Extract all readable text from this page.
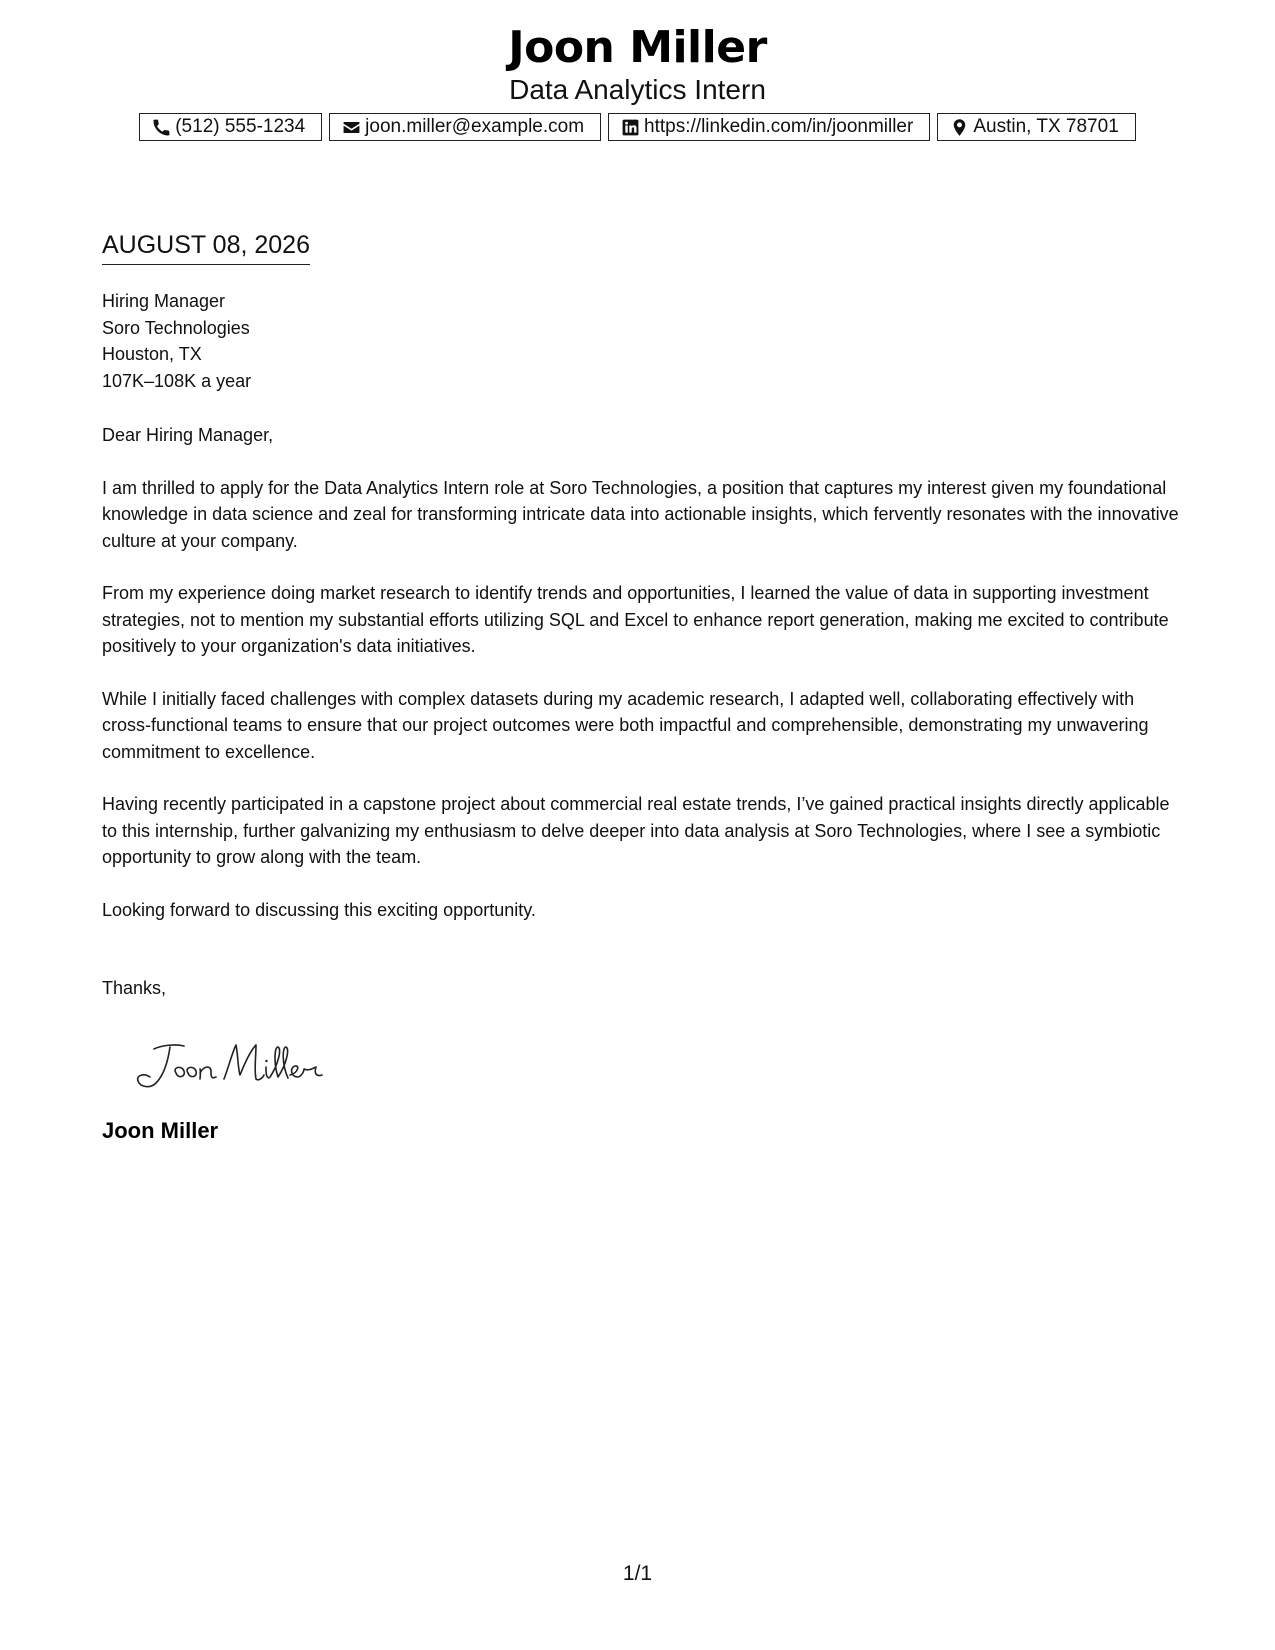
Joon Miller
Data Analytics Intern
(512) 555-1234	joon.miller@example.com	https://linkedin.com/in/joonmiller	Austin, TX 78701
AUGUST 08, 2026
Hiring Manager
Soro Technologies
Houston, TX
107K–108K a year

Dear Hiring Manager,

I am thrilled to apply for the Data Analytics Intern role at Soro Technologies, a position that captures my interest given my foundational knowledge in data science and zeal for transforming intricate data into actionable insights, which fervently resonates with the innovative culture at your company.

From my experience doing market research to identify trends and opportunities, I learned the value of data in supporting investment strategies, not to mention my substantial efforts utilizing SQL and Excel to enhance report generation, making me excited to contribute positively to your organization's data initiatives.

While I initially faced challenges with complex datasets during my academic research, I adapted well, collaborating effectively with cross-functional teams to ensure that our project outcomes were both impactful and comprehensible, demonstrating my unwavering commitment to excellence.

Having recently participated in a capstone project about commercial real estate trends, I’ve gained practical insights directly applicable to this internship, further galvanizing my enthusiasm to delve deeper into data analysis at Soro Technologies, where I see a symbiotic opportunity to grow along with the team.

Looking forward to discussing this exciting opportunity.

Thanks,
Joon Miller
1/1
